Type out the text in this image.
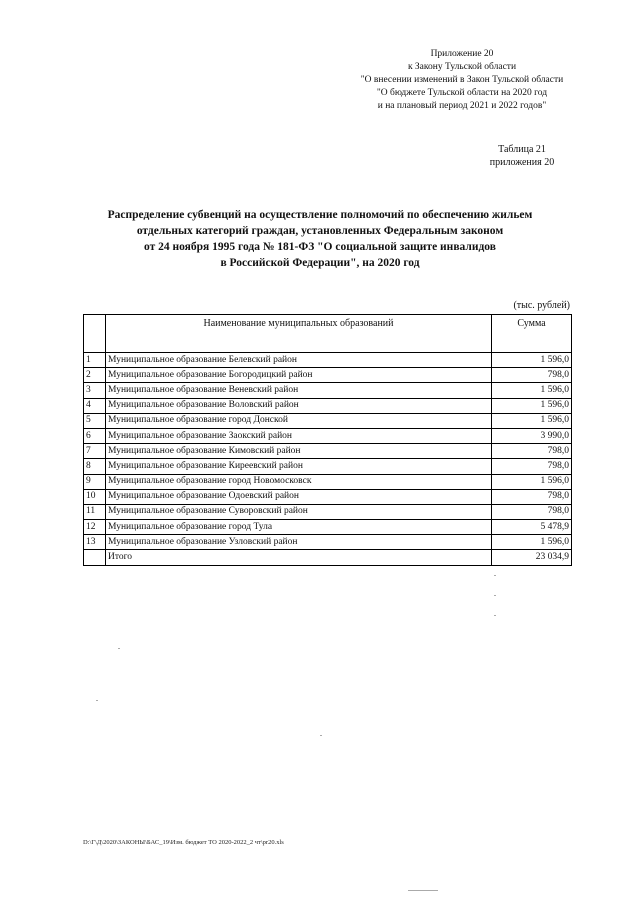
Приложение 20
к Закону Тульской области
"О внесении изменений в Закон Тульской области
"О бюджете Тульской области на 2020 год
и на плановый период 2021 и 2022 годов"
Таблица 21
приложения 20
Распределение субвенций на осуществление полномочий по обеспечению жильем
отдельных категорий граждан, установленных Федеральным законом
от 24 ноября 1995 года № 181-ФЗ "О социальной защите инвалидов
в Российской Федерации", на 2020 год
(тыс. рублей)
	Наименование муниципальных образований	Сумма
1	Муниципальное образование Белевский район	1 596,0
2	Муниципальное образование Богородицкий район	798,0
3	Муниципальное образование Веневский район	1 596,0
4	Муниципальное образование Воловский район	1 596,0
5	Муниципальное образование город Донской	1 596,0
6	Муниципальное образование Заокский район	3 990,0
7	Муниципальное образование Кимовский район	798,0
8	Муниципальное образование Киреевский район	798,0
9	Муниципальное образование город Новомосковск	1 596,0
10	Муниципальное образование Одоевский район	798,0
11	Муниципальное образование Суворовский район	798,0
12	Муниципальное образование город Тула	5 478,9
13	Муниципальное образование Узловский район	1 596,0
	Итого	23 034,9
D:\Г\Д\2020\ЗАКОНЫ\БАС_19\Изм. бюджет ТО 2020-2022_2 чт\pr20.xls
